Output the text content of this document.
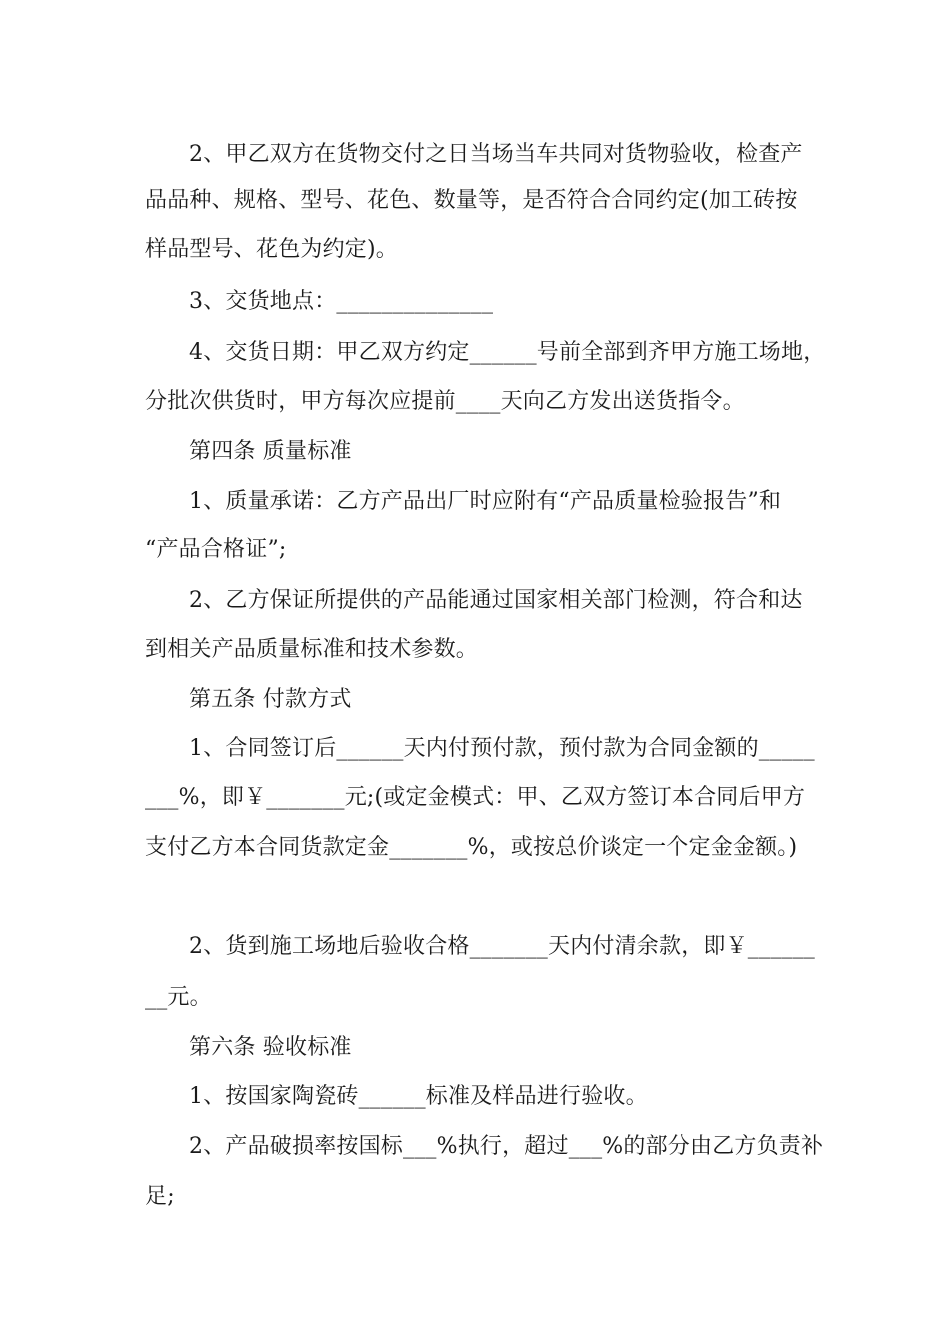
2、甲乙双方在货物交付之日当场当车共同对货物验收，检查产

品品种、规格、型号、花色、数量等，是否符合合同约定(加工砖按

样品型号、花色为约定)。

3、交货地点：______________

4、交货日期：甲乙双方约定______号前全部到齐甲方施工场地，

分批次供货时，甲方每次应提前____天向乙方发出送货指令。

第四条 质量标准

1、质量承诺：乙方产品出厂时应附有“产品质量检验报告”和

“产品合格证”;

2、乙方保证所提供的产品能通过国家相关部门检测，符合和达

到相关产品质量标准和技术参数。

第五条 付款方式

1、合同签订后______天内付预付款，预付款为合同金额的_____

___%，即￥_______元;(或定金模式：甲、乙双方签订本合同后甲方

支付乙方本合同货款定金_______%，或按总价谈定一个定金金额。)

2、货到施工场地后验收合格_______天内付清余款，即￥______

__元。

第六条 验收标准

1、按国家陶瓷砖______标准及样品进行验收。

2、产品破损率按国标___%执行，超过___%的部分由乙方负责补

足;
